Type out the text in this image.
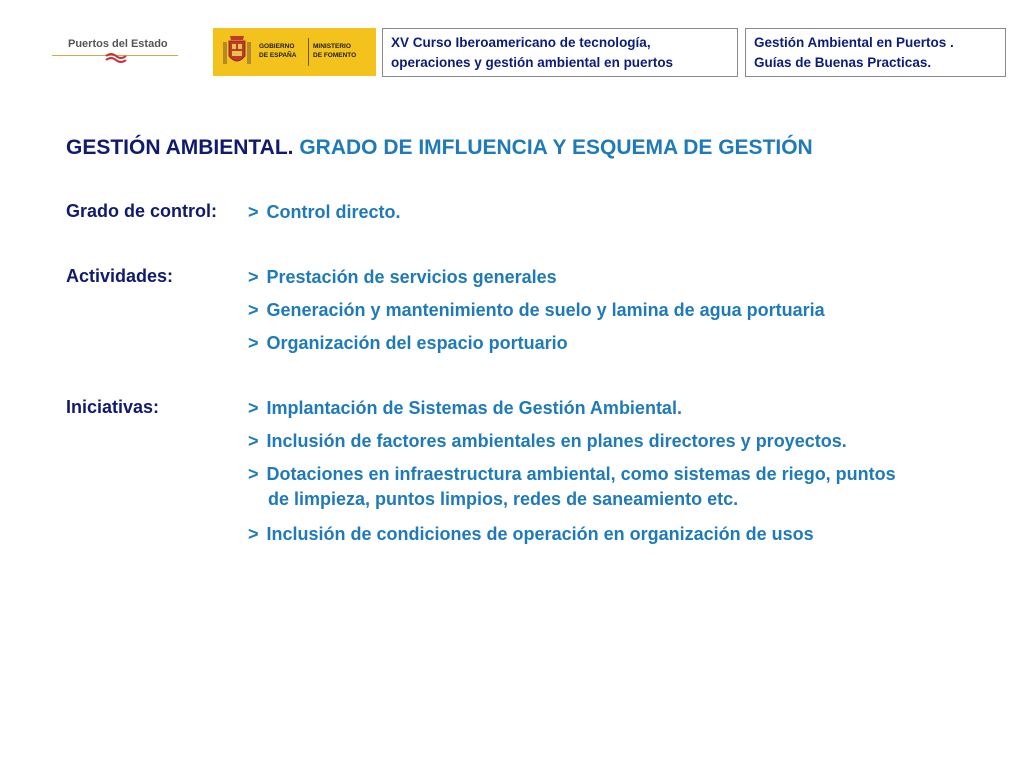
Puertos del Estado	GOBIERNO
DE ESPAÑA
MINISTERIO
DE FOMENTO
XV Curso Iberoamericano de tecnología,
operaciones y gestión ambiental en puertos
Gestión Ambiental en Puertos .
Guías de Buenas Practicas.
GESTIÓN AMBIENTAL. GRADO DE IMFLUENCIA Y ESQUEMA DE GESTIÓN
Grado de control: > Control directo.
Actividades:	> Prestación de servicios generales
> Generación y mantenimiento de suelo y lamina de agua portuaria
> Organización del espacio portuario
Iniciativas:	> Implantación de Sistemas de Gestión Ambiental.
> Inclusión de factores ambientales en planes directores y proyectos.
> Dotaciones en infraestructura ambiental, como sistemas de riego, puntos
de limpieza, puntos limpios, redes de saneamiento etc.
> Inclusión de condiciones de operación en organización de usos
